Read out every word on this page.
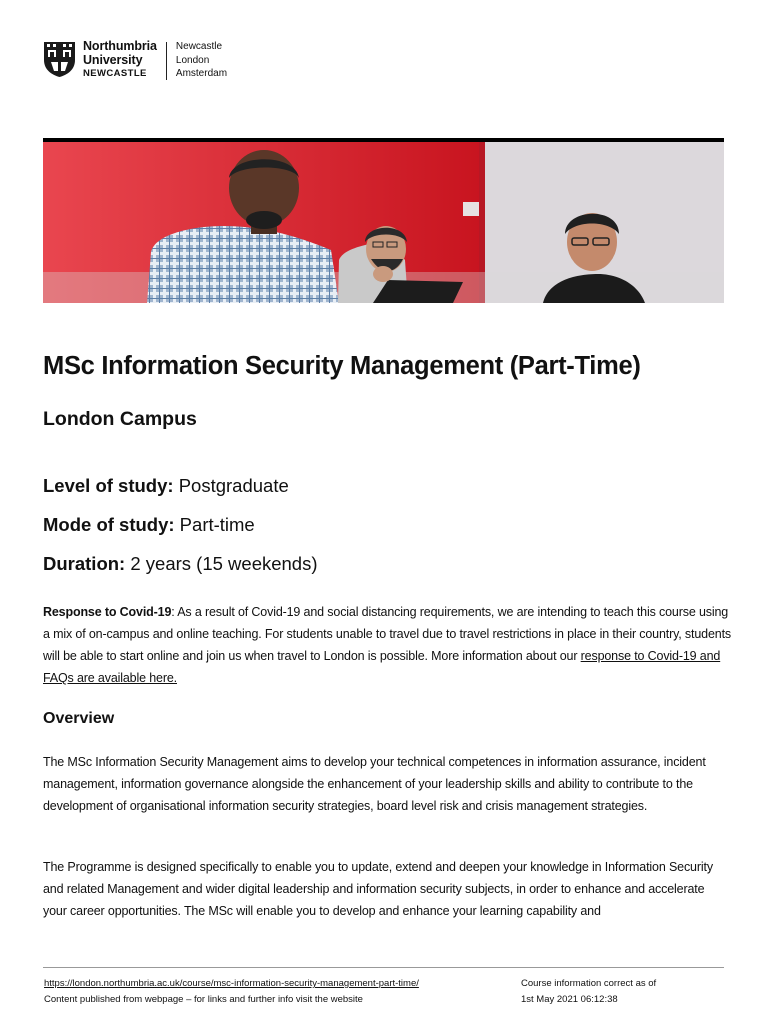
Northumbria
University
NEWCASTLE
Newcastle
London
Amsterdam
MSc Information Security Management (Part-Time)
London Campus

Level of study: Postgraduate

Mode of study: Part-time

Duration: 2 years (15 weekends)

Response to Covid-19: As a result of Covid-19 and social distancing requirements, we are intending to teach this course using a mix of on-campus and online teaching. For students unable to travel due to travel restrictions in place in their country, students will be able to start online and join us when travel to London is possible. More information about our response to Covid-19 and FAQs are available here.

Overview

The MSc Information Security Management aims to develop your technical competences in information assurance, incident management, information governance alongside the enhancement of your leadership skills and ability to contribute to the development of organisational information security strategies, board level risk and crisis management strategies.

The Programme is designed specifically to enable you to update, extend and deepen your knowledge in Information Security and related Management and wider digital leadership and information security subjects, in order to enhance and accelerate your career opportunities. The MSc will enable you to develop and enhance your learning capability and

https://london.northumbria.ac.uk/course/msc-information-security-management-part-time/
Content published from webpage – for links and further info visit the website
Course information correct as of
1st May 2021 06:12:38
